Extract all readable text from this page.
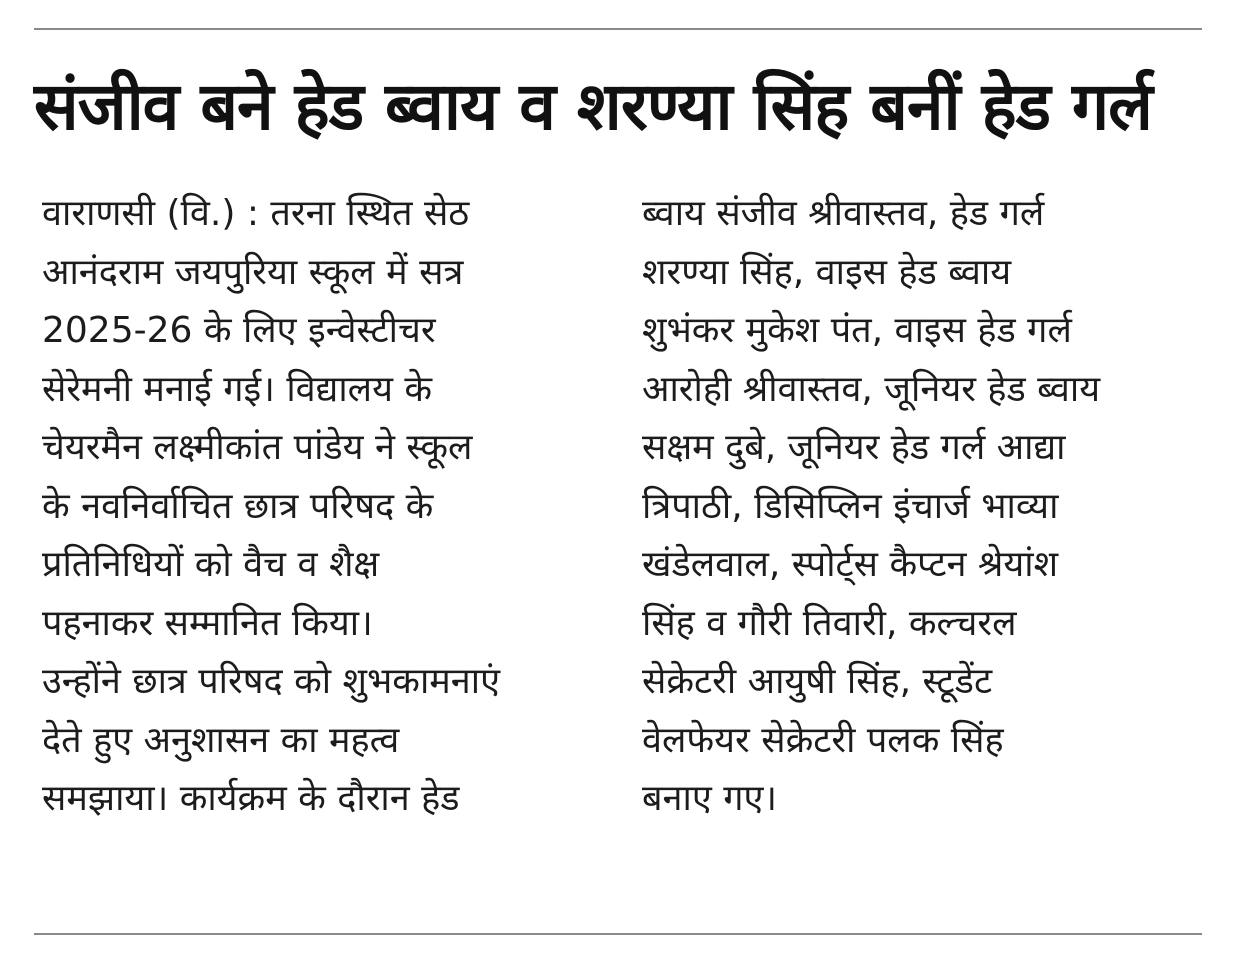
संजीव बने हेड ब्वाय व शरण्या सिंह बनीं हेड गर्ल
वाराणसी (वि.) : तरना स्थित सेठ
आनंदराम जयपुरिया स्कूल में सत्र
2025-26 के लिए इन्वेस्टीचर
सेरेमनी मनाई गई। विद्यालय के
चेयरमैन लक्ष्मीकांत पांडेय ने स्कूल
के नवनिर्वाचित छात्र परिषद के
प्रतिनिधियों को वैच व शैक्ष
पहनाकर सम्मानित किया।
उन्होंने छात्र परिषद को शुभकामनाएं
देते हुए अनुशासन का महत्व
समझाया। कार्यक्रम के दौरान हेड
ब्वाय संजीव श्रीवास्तव, हेड गर्ल
शरण्या सिंह, वाइस हेड ब्वाय
शुभंकर मुकेश पंत, वाइस हेड गर्ल
आरोही श्रीवास्तव, जूनियर हेड ब्वाय
सक्षम दुबे, जूनियर हेड गर्ल आद्या
त्रिपाठी, डिसिप्लिन इंचार्ज भाव्या
खंडेलवाल, स्पोर्ट्स कैप्टन श्रेयांश
सिंह व गौरी तिवारी, कल्चरल
सेक्रेटरी आयुषी सिंह, स्टूडेंट
वेलफेयर सेक्रेटरी पलक सिंह
बनाए गए।
